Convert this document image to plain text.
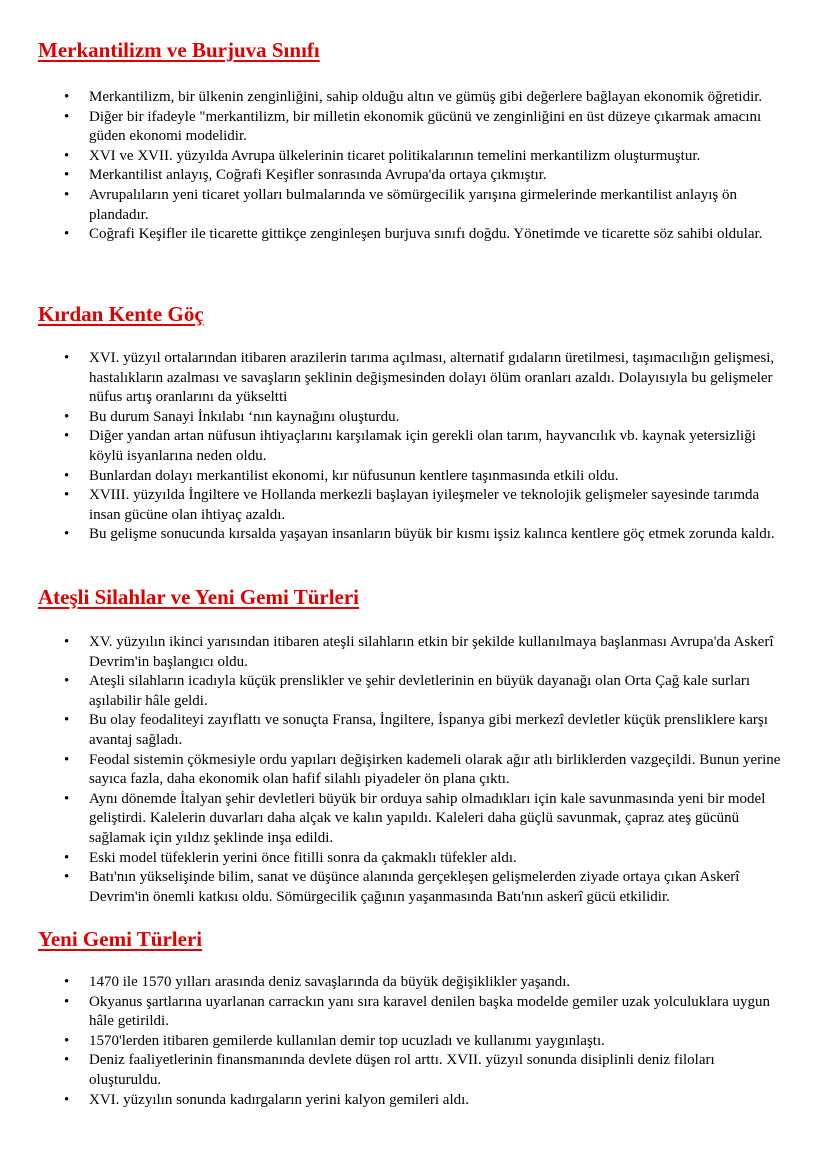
Merkantilizm ve Burjuva Sınıfı
• Merkantilizm, bir ülkenin zenginliğini, sahip olduğu altın ve gümüş gibi değerlere bağlayan ekonomik öğretidir.
• Diğer bir ifadeyle "merkantilizm, bir milletin ekonomik gücünü ve zenginliğini en üst düzeye çıkarmak amacını güden ekonomi modelidir.
• XVI ve XVII. yüzyılda Avrupa ülkelerinin ticaret politikalarının temelini merkantilizm oluşturmuştur.
• Merkantilist anlayış, Coğrafi Keşifler sonrasında Avrupa'da ortaya çıkmıştır.
• Avrupalıların yeni ticaret yolları bulmalarında ve sömürgecilik yarışına girmelerinde merkantilist anlayış ön plandadır.
• Coğrafi Keşifler ile ticarette gittikçe zenginleşen burjuva sınıfı doğdu. Yönetimde ve ticarette söz sahibi oldular.
Kırdan Kente Göç
• XVI. yüzyıl ortalarından itibaren arazilerin tarıma açılması, alternatif gıdaların üretilmesi, taşımacılığın gelişmesi, hastalıkların azalması ve savaşların şeklinin değişmesinden dolayı ölüm oranları azaldı. Dolayısıyla bu gelişmeler nüfus artış oranlarını da yükseltti
• Bu durum Sanayi İnkılabı ‘nın kaynağını oluşturdu.
• Diğer yandan artan nüfusun ihtiyaçlarını karşılamak için gerekli olan tarım, hayvancılık vb. kaynak yetersizliği köylü isyanlarına neden oldu.
• Bunlardan dolayı merkantilist ekonomi, kır nüfusunun kentlere taşınmasında etkili oldu.
• XVIII. yüzyılda İngiltere ve Hollanda merkezli başlayan iyileşmeler ve teknolojik gelişmeler sayesinde tarımda insan gücüne olan ihtiyaç azaldı.
• Bu gelişme sonucunda kırsalda yaşayan insanların büyük bir kısmı işsiz kalınca kentlere göç etmek zorunda kaldı.
Ateşli Silahlar ve Yeni Gemi Türleri
• XV. yüzyılın ikinci yarısından itibaren ateşli silahların etkin bir şekilde kullanılmaya başlanması Avrupa'da Askerî Devrim'in başlangıcı oldu.
• Ateşli silahların icadıyla küçük prenslikler ve şehir devletlerinin en büyük dayanağı olan Orta Çağ kale surları aşılabilir hâle geldi.
• Bu olay feodaliteyi zayıflattı ve sonuçta Fransa, İngiltere, İspanya gibi merkezî devletler küçük prensliklere karşı avantaj sağladı.
• Feodal sistemin çökmesiyle ordu yapıları değişirken kademeli olarak ağır atlı birliklerden vazgeçildi. Bunun yerine sayıca fazla, daha ekonomik olan hafif silahlı piyadeler ön plana çıktı.
• Aynı dönemde İtalyan şehir devletleri büyük bir orduya sahip olmadıkları için kale savunmasında yeni bir model geliştirdi. Kalelerin duvarları daha alçak ve kalın yapıldı. Kaleleri daha güçlü savunmak, çapraz ateş gücünü sağlamak için yıldız şeklinde inşa edildi.
• Eski model tüfeklerin yerini önce fitilli sonra da çakmaklı tüfekler aldı.
• Batı'nın yükselişinde bilim, sanat ve düşünce alanında gerçekleşen gelişmelerden ziyade ortaya çıkan Askerî Devrim'in önemli katkısı oldu. Sömürgecilik çağının yaşanmasında Batı'nın askerî gücü etkilidir.
Yeni Gemi Türleri
• 1470 ile 1570 yılları arasında deniz savaşlarında da büyük değişiklikler yaşandı.
• Okyanus şartlarına uyarlanan carrackın yanı sıra karavel denilen başka modelde gemiler uzak yolculuklara uygun hâle getirildi.
• 1570'lerden itibaren gemilerde kullanılan demir top ucuzladı ve kullanımı yaygınlaştı.
• Deniz faaliyetlerinin finansmanında devlete düşen rol arttı. XVII. yüzyıl sonunda disiplinli deniz filoları oluşturuldu.
• XVI. yüzyılın sonunda kadırgaların yerini kalyon gemileri aldı.
